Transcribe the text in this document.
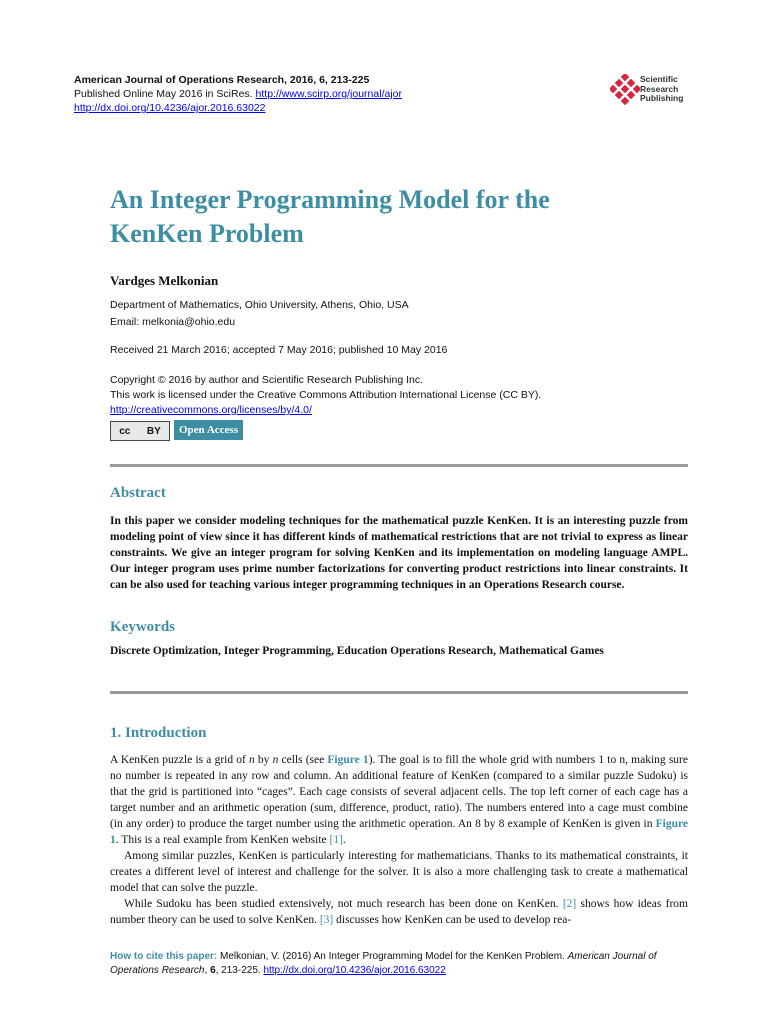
American Journal of Operations Research, 2016, 6, 213-225
Published Online May 2016 in SciRes. http://www.scirp.org/journal/ajor
http://dx.doi.org/10.4236/ajor.2016.63022
Scientific
Research
Publishing
An Integer Programming Model for the
KenKen Problem
Vardges Melkonian
Department of Mathematics, Ohio University, Athens, Ohio, USA
Email: melkonia@ohio.edu
Received 21 March 2016; accepted 7 May 2016; published 10 May 2016
Copyright © 2016 by author and Scientific Research Publishing Inc.
This work is licensed under the Creative Commons Attribution International License (CC BY).
http://creativecommons.org/licenses/by/4.0/
cc BY	Open Access
Abstract
In this paper we consider modeling techniques for the mathematical puzzle KenKen. It is an interesting puzzle from modeling point of view since it has different kinds of mathematical restrictions that are not trivial to express as linear constraints. We give an integer program for solving KenKen and its implementation on modeling language AMPL. Our integer program uses prime number factorizations for converting product restrictions into linear constraints. It can be also used for teaching various integer programming techniques in an Operations Research course.
Keywords
Discrete Optimization, Integer Programming, Education Operations Research, Mathematical Games
1. Introduction

A KenKen puzzle is a grid of n by n cells (see Figure 1). The goal is to fill the whole grid with numbers 1 to n, making sure no number is repeated in any row and column. An additional feature of KenKen (compared to a similar puzzle Sudoku) is that the grid is partitioned into “cages”. Each cage consists of several adjacent cells. The top left corner of each cage has a target number and an arithmetic operation (sum, difference, product, ratio). The numbers entered into a cage must combine (in any order) to produce the target number using the arithmetic operation. An 8 by 8 example of KenKen is given in Figure 1. This is a real example from KenKen website [1].

Among similar puzzles, KenKen is particularly interesting for mathematicians. Thanks to its mathematical constraints, it creates a different level of interest and challenge for the solver. It is also a more challenging task to create a mathematical model that can solve the puzzle.

While Sudoku has been studied extensively, not much research has been done on KenKen. [2] shows how ideas from number theory can be used to solve KenKen. [3] discusses how KenKen can be used to develop rea-

How to cite this paper: Melkonian, V. (2016) An Integer Programming Model for the KenKen Problem. American Journal of Operations Research, 6, 213-225. http://dx.doi.org/10.4236/ajor.2016.63022
